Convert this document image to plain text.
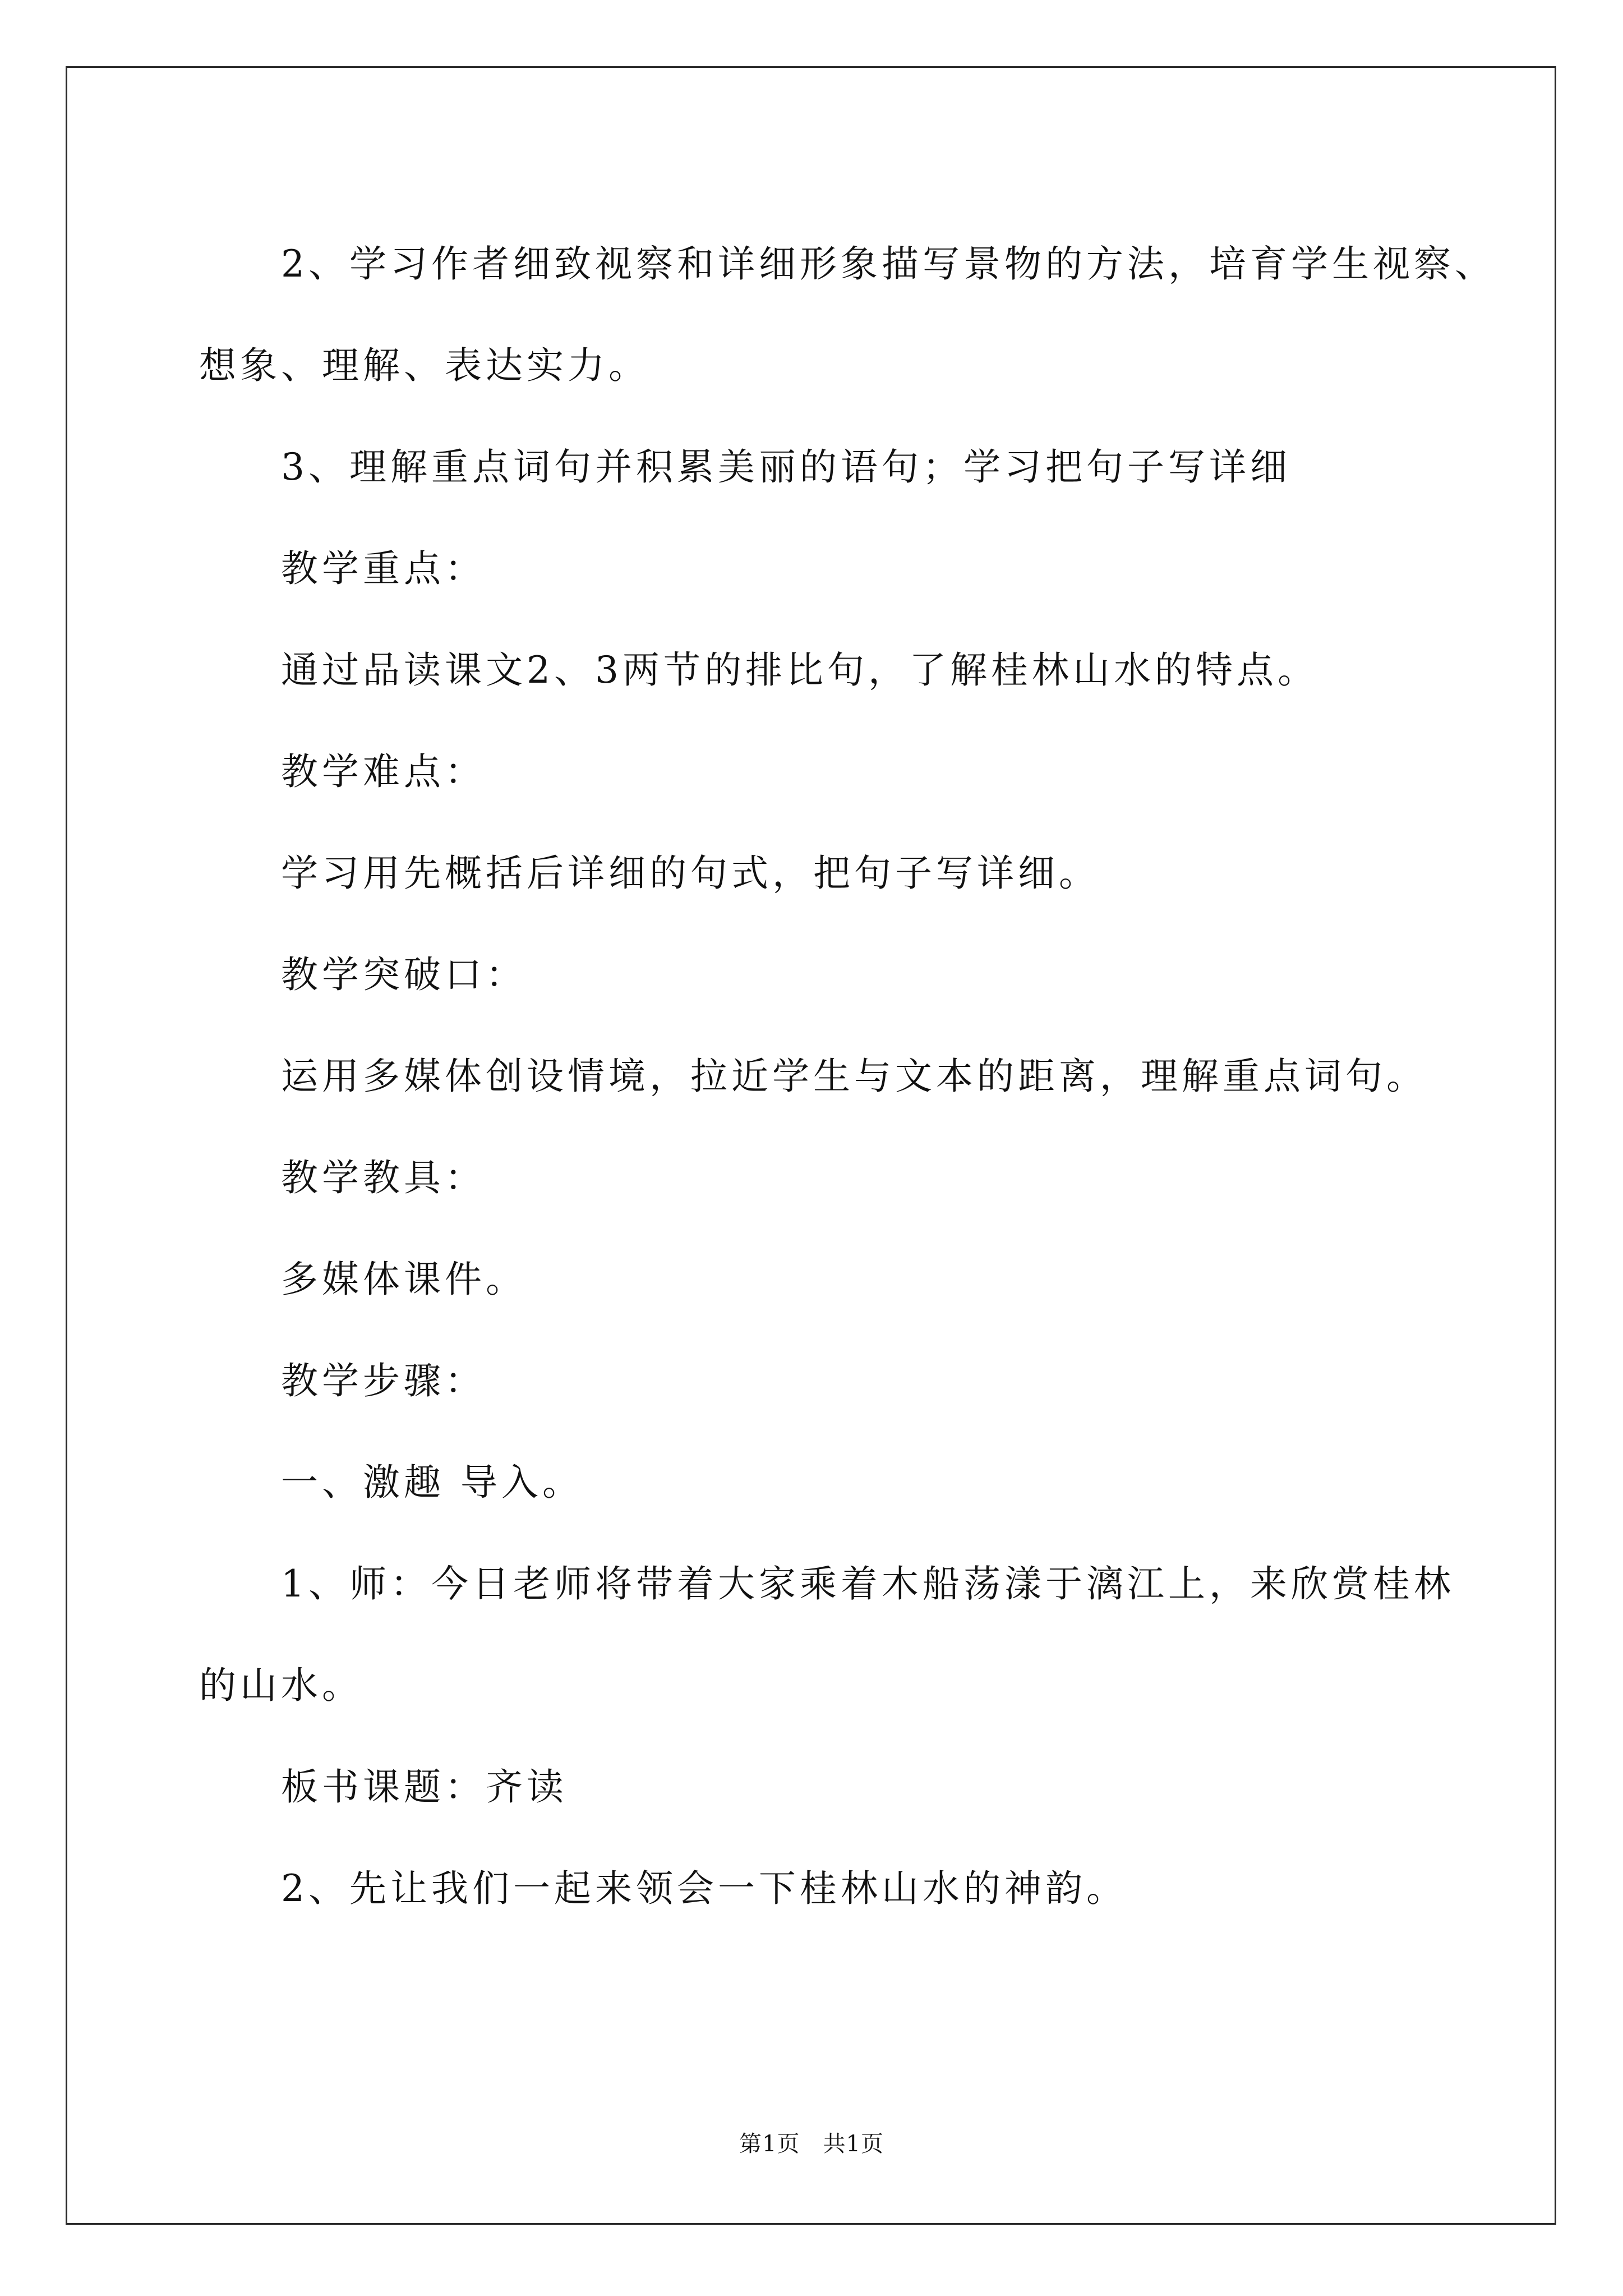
2、学习作者细致视察和详细形象描写景物的方法，培育学生视察、

想象、理解、表达实力。

3、理解重点词句并积累美丽的语句；学习把句子写详细

教学重点：

通过品读课文2、3两节的排比句，了解桂林山水的特点。

教学难点：

学习用先概括后详细的句式，把句子写详细。

教学突破口：

运用多媒体创设情境，拉近学生与文本的距离，理解重点词句。

教学教具：

多媒体课件。

教学步骤：

一、激趣 导入。

1、师：今日老师将带着大家乘着木船荡漾于漓江上，来欣赏桂林

的山水。

板书课题：齐读

2、先让我们一起来领会一下桂林山水的神韵。

第1页　共1页
